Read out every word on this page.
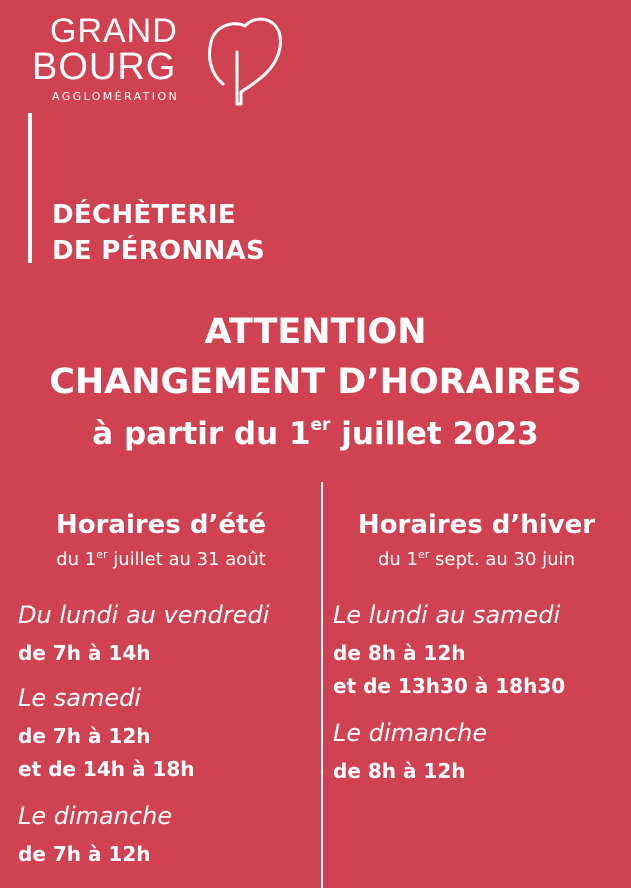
GRAND
BOURG
AGGLOMÉRATION
DÉCHÈTERIE
DE PÉRONNAS
ATTENTION
CHANGEMENT D’HORAIRES
à partir du 1er juillet 2023
Horaires d’été
du 1er juillet au 31 août
Horaires d’hiver
du 1er sept. au 30 juin
Du lundi au vendredi
de 7h à 14h
Le samedi
de 7h à 12h
et de 14h à 18h
Le dimanche
de 7h à 12h
Le lundi au samedi
de 8h à 12h
et de 13h30 à 18h30
Le dimanche
de 8h à 12h
